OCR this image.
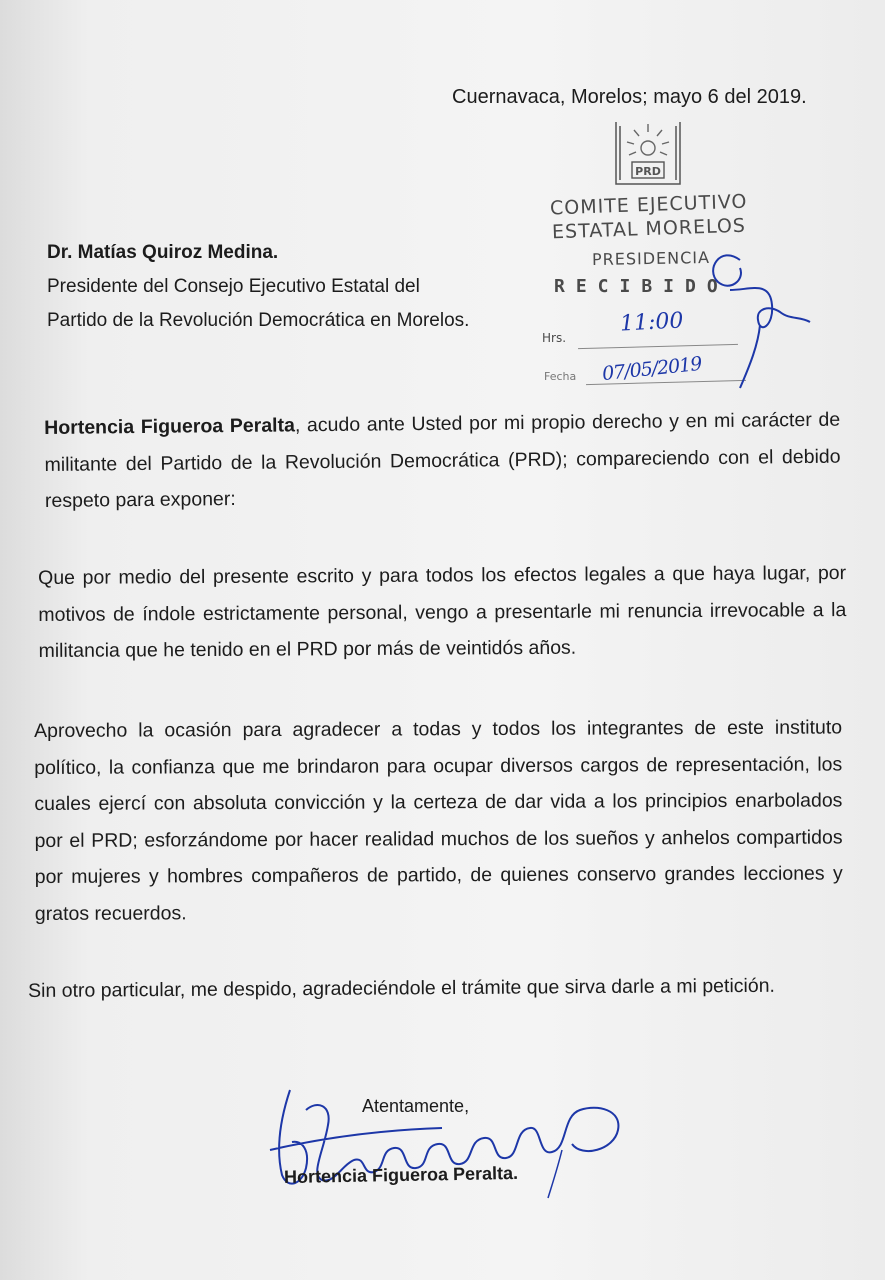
Cuernavaca, Morelos; mayo 6 del 2019.
Dr. Matías Quiroz Medina.
Presidente del Consejo Ejecutivo Estatal del
Partido de la Revolución Democrática en Morelos.
PRD
COMITE EJECUTIVO
ESTATAL MORELOS
PRESIDENCIA
RECIBIDO
Hrs.
11:00
Fecha 07/05/2019
Hortencia Figueroa Peralta, acudo ante Usted por mi propio derecho y en mi carácter de militante del Partido de la Revolución Democrática (PRD); compareciendo con el debido respeto para exponer:
Que por medio del presente escrito y para todos los efectos legales a que haya lugar, por motivos de índole estrictamente personal, vengo a presentarle mi renuncia irrevocable a la militancia que he tenido en el PRD por más de veintidós años.
Aprovecho la ocasión para agradecer a todas y todos los integrantes de este instituto político, la confianza que me brindaron para ocupar diversos cargos de representación, los cuales ejercí con absoluta convicción y la certeza de dar vida a los principios enarbolados por el PRD; esforzándome por hacer realidad muchos de los sueños y anhelos compartidos por mujeres y hombres compañeros de partido, de quienes conservo grandes lecciones y gratos recuerdos.
Sin otro particular, me despido, agradeciéndole el trámite que sirva darle a mi petición.
Atentamente,
Hortencia Figueroa Peralta.
